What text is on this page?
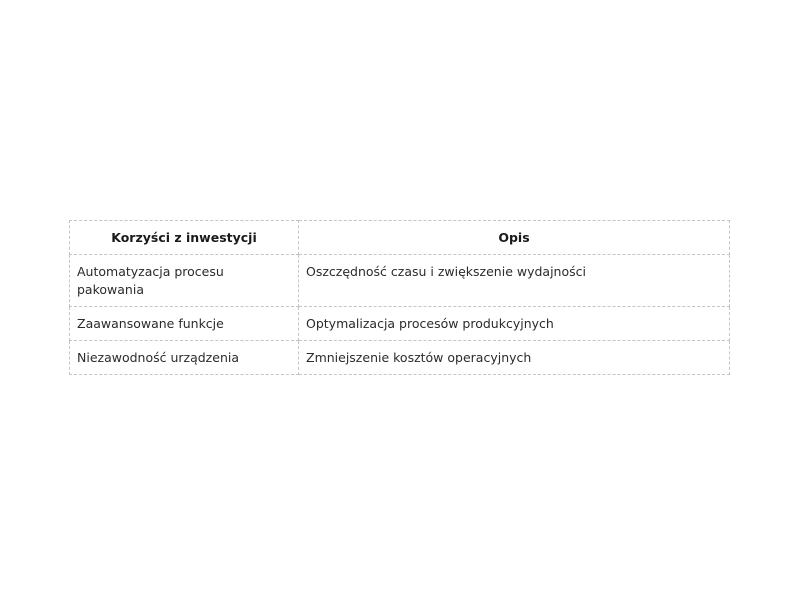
Korzyści z inwestycji	Opis
Automatyzacja procesu pakowania	Oszczędność czasu i zwiększenie wydajności
Zaawansowane funkcje	Optymalizacja procesów produkcyjnych
Niezawodność urządzenia	Zmniejszenie kosztów operacyjnych
